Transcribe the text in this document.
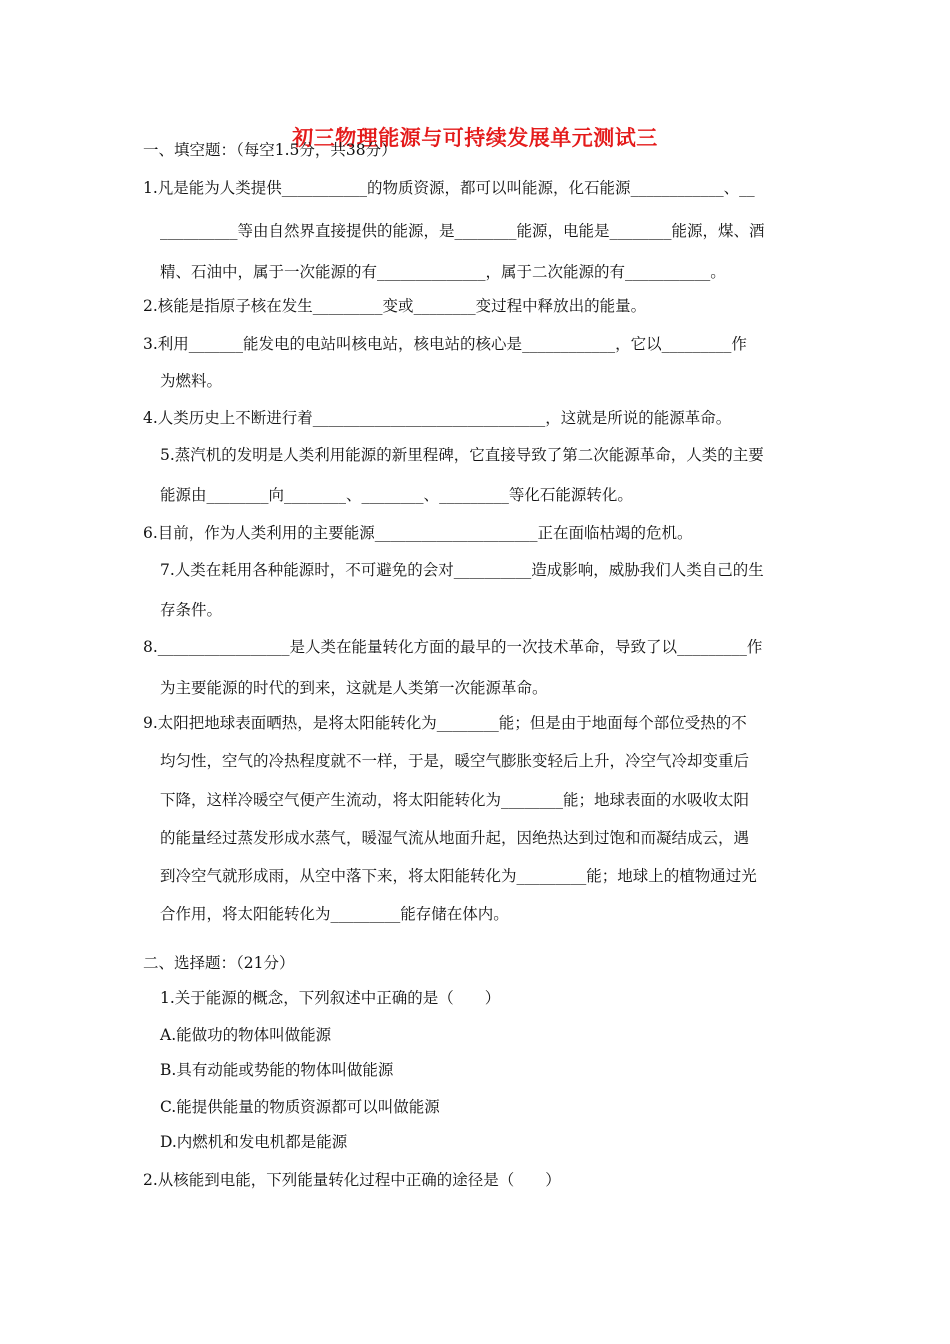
初三物理能源与可持续发展单元测试三
一、填空题：（每空1.5分，共38分）
1.凡是能为人类提供___________的物质资源，都可以叫能源，化石能源____________、__
__________等由自然界直接提供的能源，是________能源，电能是________能源，煤、酒
精、石油中，属于一次能源的有______________，属于二次能源的有___________。
2.核能是指原子核在发生_________变或________变过程中释放出的能量。
3.利用_______能发电的电站叫核电站，核电站的核心是____________，它以_________作
为燃料。
4.人类历史上不断进行着______________________________，这就是所说的能源革命。
5.蒸汽机的发明是人类利用能源的新里程碑，它直接导致了第二次能源革命，人类的主要
能源由________向________、________、_________等化石能源转化。
6.目前，作为人类利用的主要能源_____________________正在面临枯竭的危机。
7.人类在耗用各种能源时，不可避免的会对__________造成影响，威胁我们人类自己的生
存条件。
8._________________是人类在能量转化方面的最早的一次技术革命，导致了以_________作
为主要能源的时代的到来，这就是人类第一次能源革命。
9.太阳把地球表面晒热，是将太阳能转化为________能；但是由于地面每个部位受热的不
均匀性，空气的冷热程度就不一样，于是，暖空气膨胀变轻后上升，冷空气冷却变重后
下降，这样冷暖空气便产生流动，将太阳能转化为________能；地球表面的水吸收太阳
的能量经过蒸发形成水蒸气，暖湿气流从地面升起，因绝热达到过饱和而凝结成云，遇
到冷空气就形成雨，从空中落下来，将太阳能转化为_________能；地球上的植物通过光
合作用，将太阳能转化为_________能存储在体内。
二、选择题：（21分）
1.关于能源的概念，下列叙述中正确的是（　　）
A.能做功的物体叫做能源
B.具有动能或势能的物体叫做能源
C.能提供能量的物质资源都可以叫做能源
D.内燃机和发电机都是能源
2.从核能到电能，下列能量转化过程中正确的途径是（　　）
